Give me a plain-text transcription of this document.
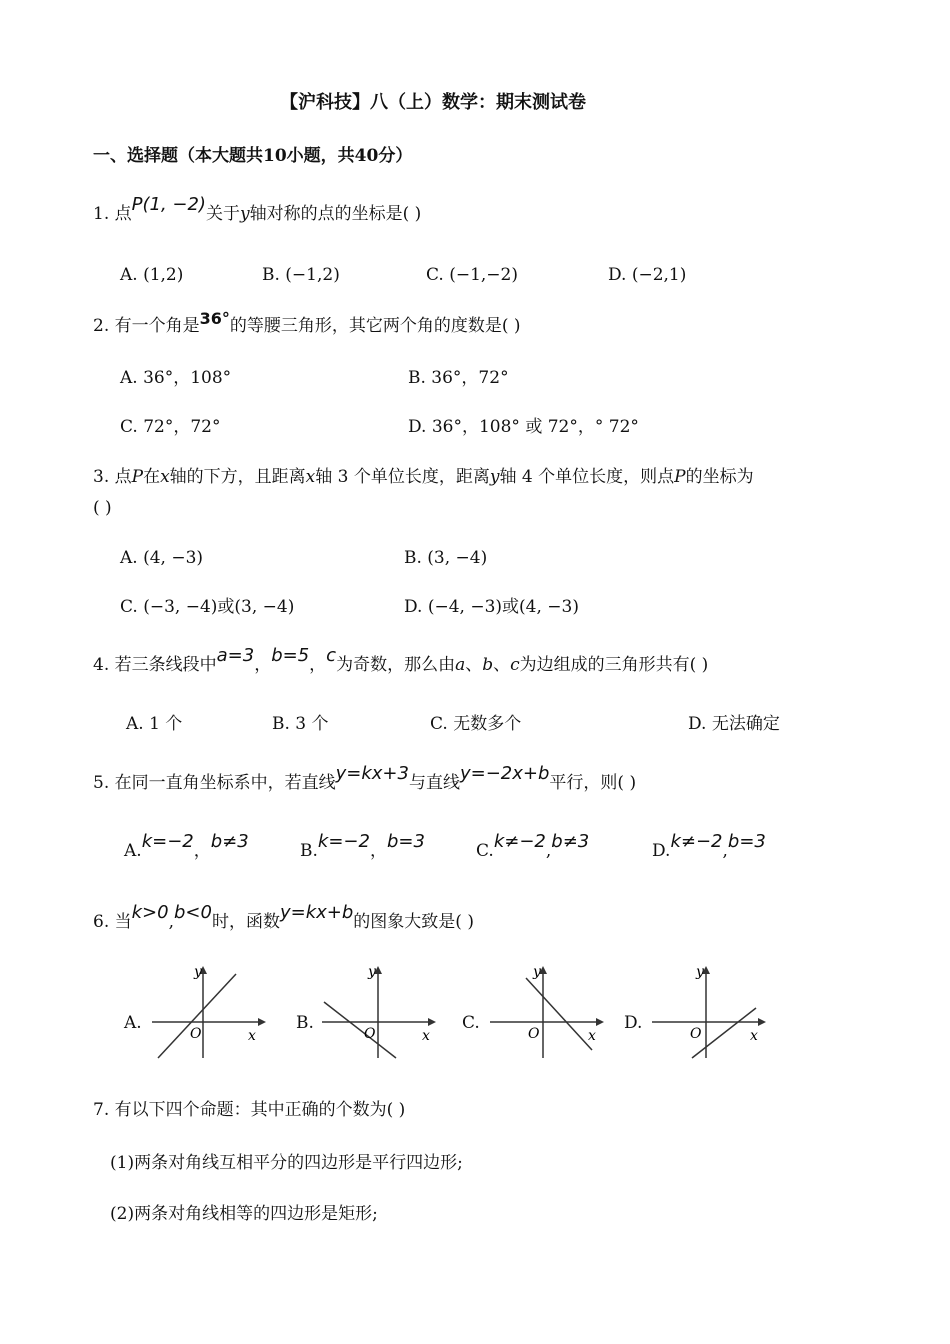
【沪科技】八（上）数学：期末测试卷
一、选择题（本大题共10小题，共40分）
1. 点P(1, −2)关于y轴对称的点的坐标是( )
A. (1,2)	B. (−1,2)	C. (−1,−2)	D. (−2,1)
2. 有一个角是36°的等腰三角形，其它两个角的度数是( )
A. 36°，108°	B. 36°，72°
C. 72°，72°	D. 36°，108° 或 72°，° 72°
3. 点P在x轴的下方，且距离x轴 3 个单位长度，距离y轴 4 个单位长度，则点P的坐标为
( )
A. (4, −3)	B. (3, −4)
C. (−3, −4)或(3, −4)	D. (−4, −3)或(4, −3)
4. 若三条线段中a=3，b=5，c为奇数，那么由a、b、c为边组成的三角形共有( )
A. 1 个	B. 3 个	C. 无数多个	D. 无法确定
5. 在同一直角坐标系中，若直线y=kx+3与直线y=−2x+b平行，则( )
A.k=−2，b≠3	B.k=−2，b=3	C.k≠−2,b≠3	D.k≠−2,b=3
6. 当k>0,b<0时，函数y=kx+b的图象大致是( )
A.
x
y
O
B.
x
y
O
C.
x
y
O
D.
x
y
O
7. 有以下四个命题：其中正确的个数为( )
(1)两条对角线互相平分的四边形是平行四边形;
(2)两条对角线相等的四边形是矩形;
